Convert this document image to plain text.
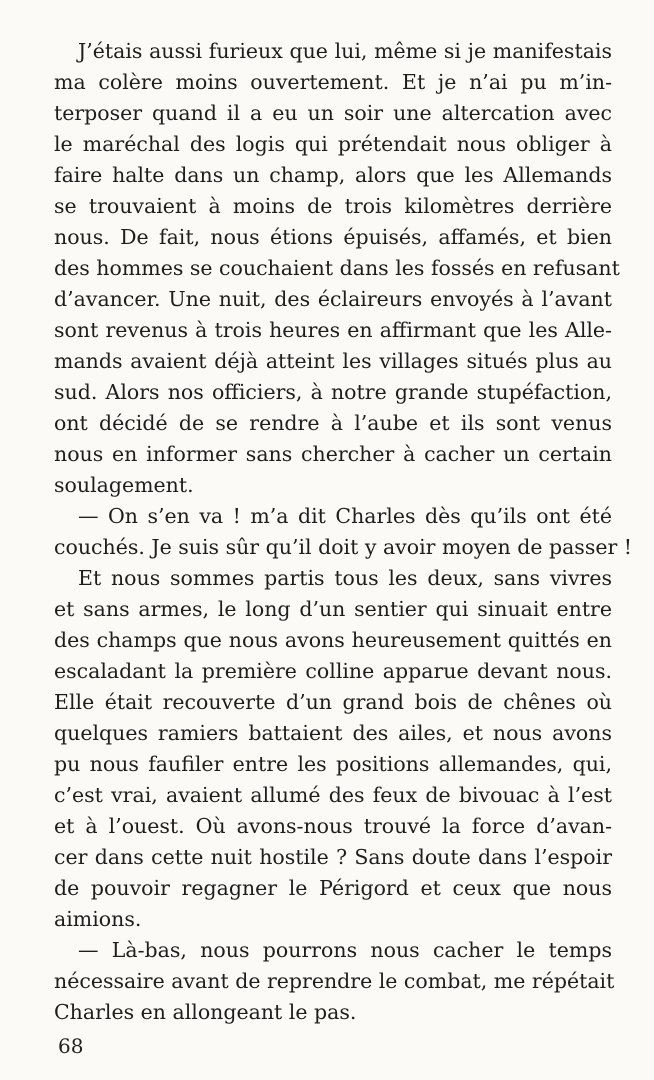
J’étais aussi furieux que lui, même si je manifestais
ma colère moins ouvertement. Et je n’ai pu m’in-
terposer quand il a eu un soir une altercation avec
le maréchal des logis qui prétendait nous obliger à
faire halte dans un champ, alors que les Allemands
se trouvaient à moins de trois kilomètres derrière
nous. De fait, nous étions épuisés, affamés, et bien
des hommes se couchaient dans les fossés en refusant
d’avancer. Une nuit, des éclaireurs envoyés à l’avant
sont revenus à trois heures en affirmant que les Alle-
mands avaient déjà atteint les villages situés plus au
sud. Alors nos officiers, à notre grande stupéfaction,
ont décidé de se rendre à l’aube et ils sont venus
nous en informer sans chercher à cacher un certain
soulagement.
— On s’en va ! m’a dit Charles dès qu’ils ont été
couchés. Je suis sûr qu’il doit y avoir moyen de passer !
Et nous sommes partis tous les deux, sans vivres
et sans armes, le long d’un sentier qui sinuait entre
des champs que nous avons heureusement quittés en
escaladant la première colline apparue devant nous.
Elle était recouverte d’un grand bois de chênes où
quelques ramiers battaient des ailes, et nous avons
pu nous faufiler entre les positions allemandes, qui,
c’est vrai, avaient allumé des feux de bivouac à l’est
et à l’ouest. Où avons-nous trouvé la force d’avan-
cer dans cette nuit hostile ? Sans doute dans l’espoir
de pouvoir regagner le Périgord et ceux que nous
aimions.
— Là-bas, nous pourrons nous cacher le temps
nécessaire avant de reprendre le combat, me répétait
Charles en allongeant le pas.
68
